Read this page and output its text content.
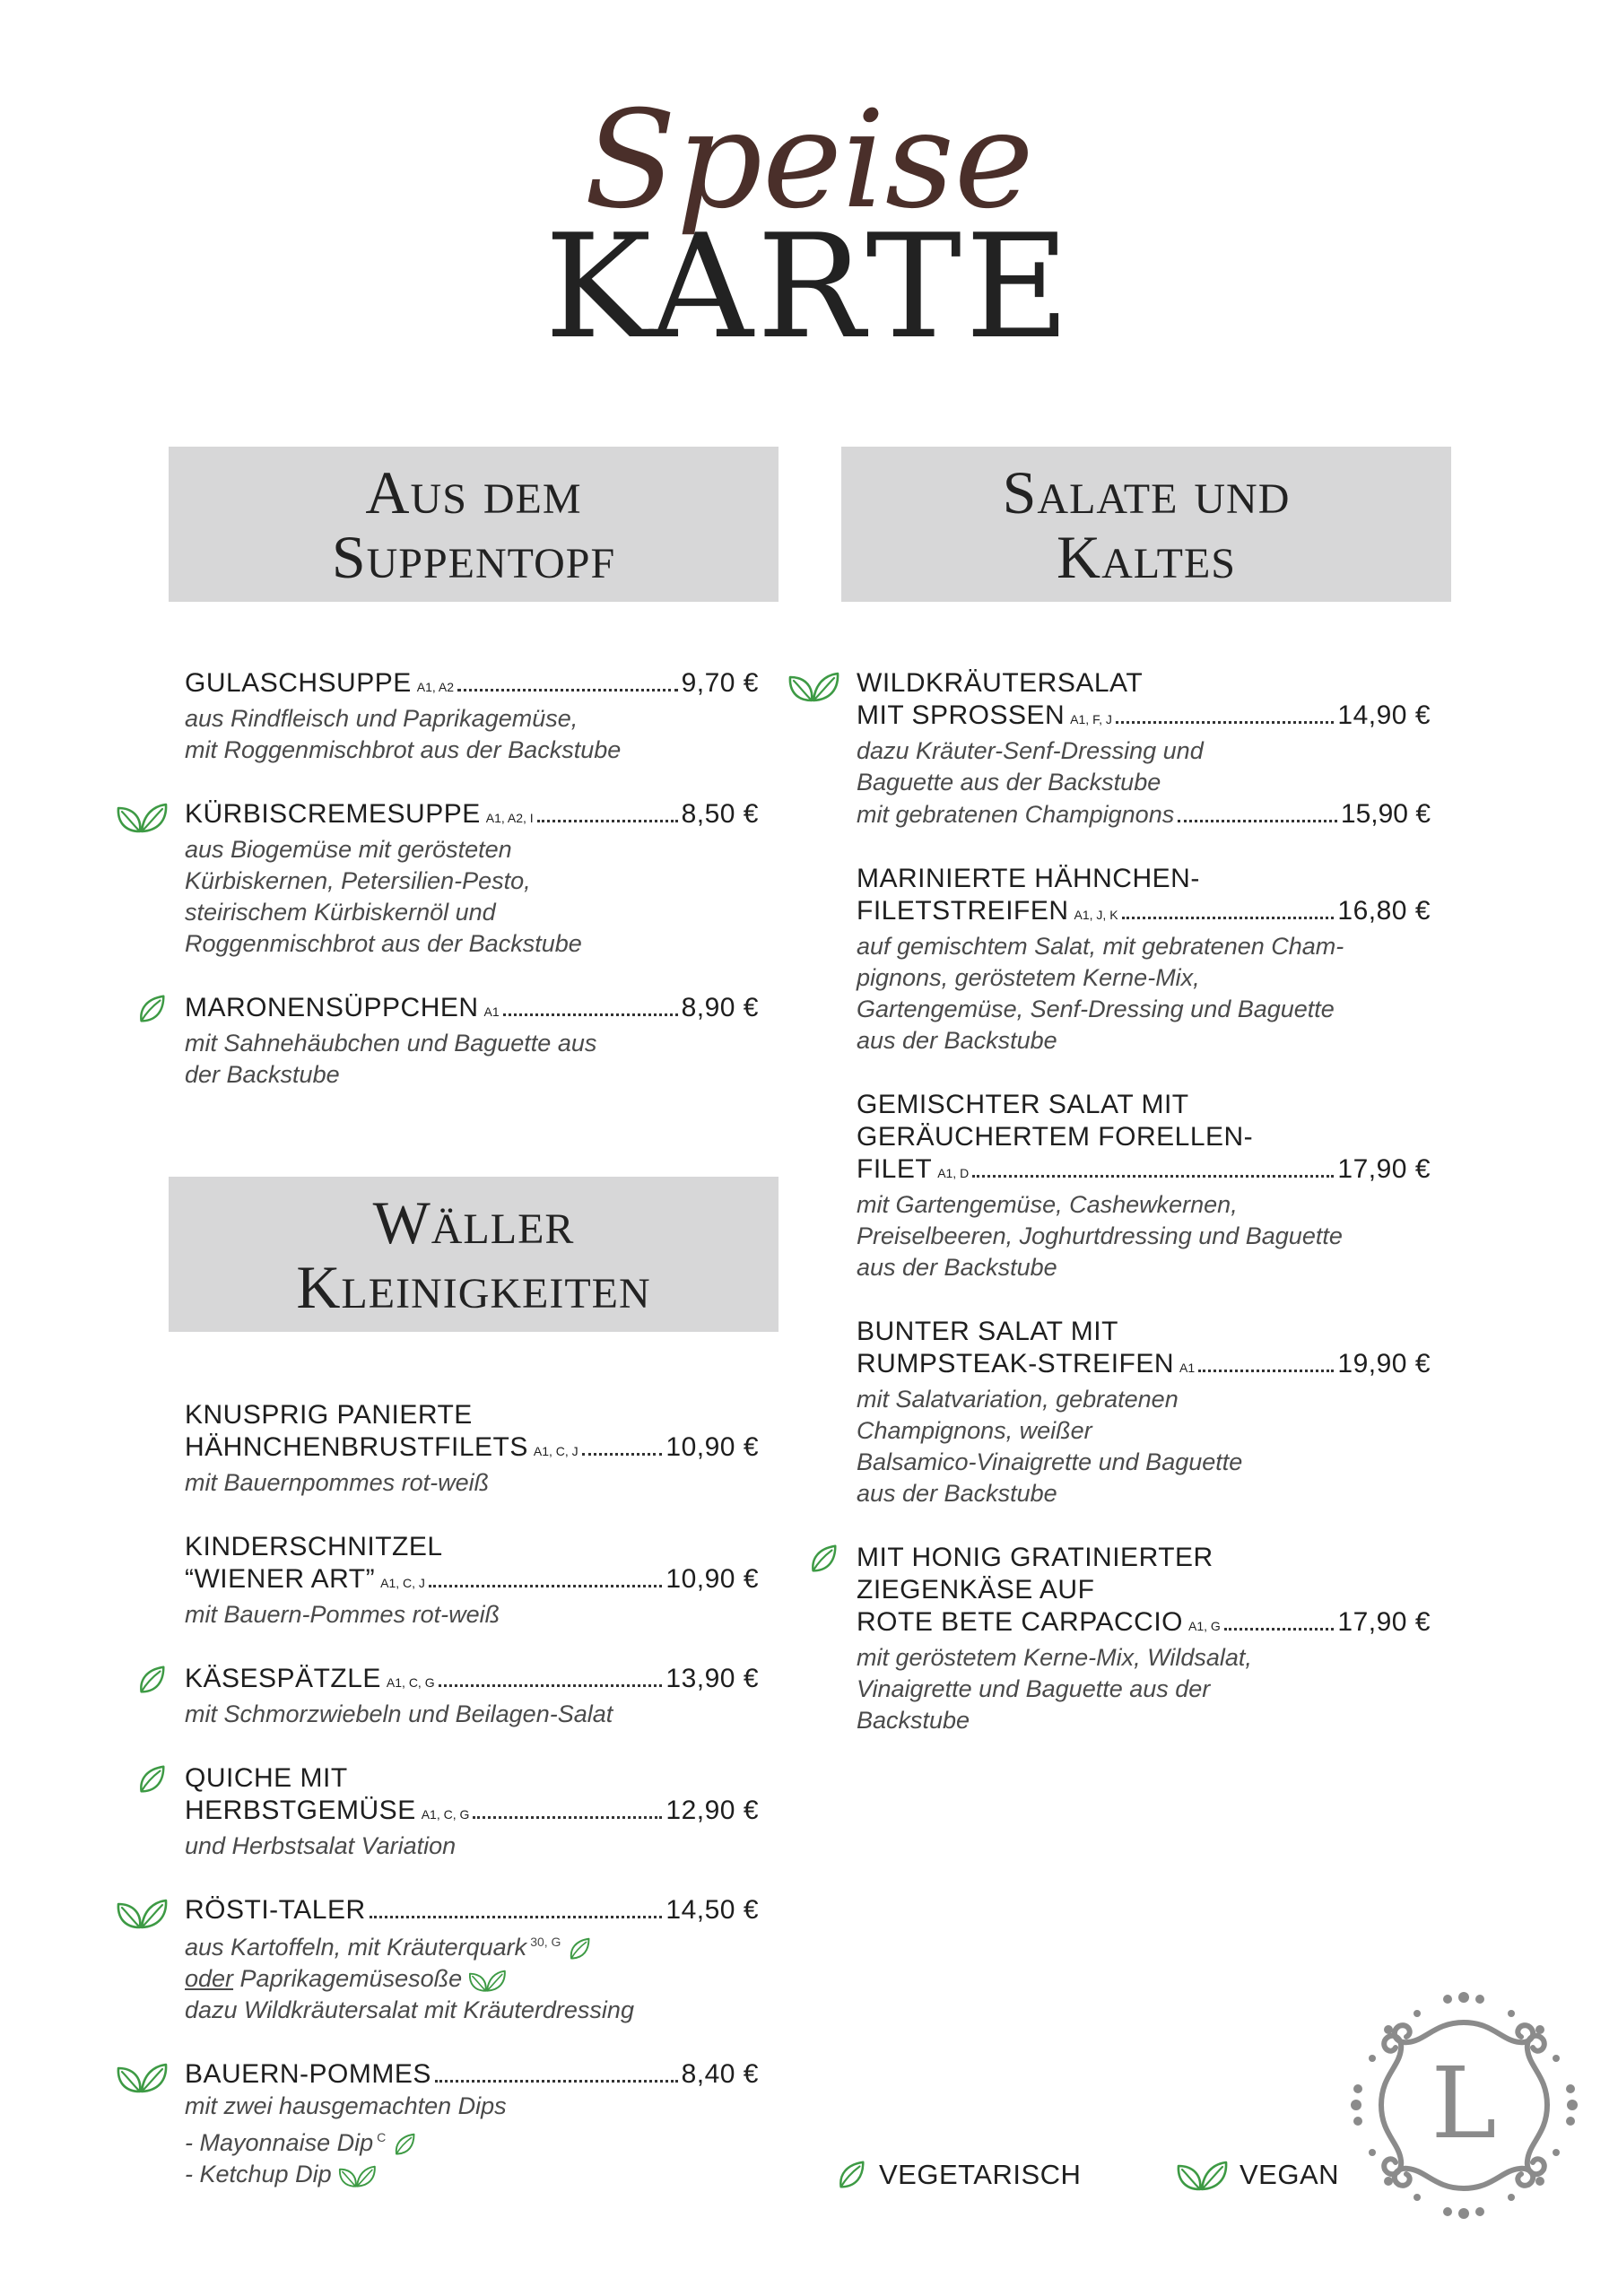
Speise
KARTE
Aus dem
Suppentopf
Salate und
Kaltes
Wäller
Kleinigkeiten
GULASCHSUPPE A1, A2	9,70 €
aus Rindfleisch und Paprikagemüse,
mit Roggenmischbrot aus der Backstube
KÜRBISCREMESUPPE A1, A2, I	8,50 €
aus Biogemüse mit gerösteten
Kürbiskernen, Petersilien-Pesto,
steirischem Kürbiskernöl und
Roggenmischbrot aus der Backstube
MARONENSÜPPCHEN A1	8,90 €
mit Sahnehäubchen und Baguette aus
der Backstube
KNUSPRIG PANIERTE
HÄHNCHENBRUSTFILETS A1, C, J	10,90 €
mit Bauernpommes rot-weiß
KINDERSCHNITZEL
“WIENER ART” A1, C, J	10,90 €
mit Bauern-Pommes rot-weiß
KÄSESPÄTZLE A1, C, G	13,90 €
mit Schmorzwiebeln und Beilagen-Salat
QUICHE MIT
HERBSTGEMÜSE A1, C, G	12,90 €
und Herbstsalat Variation
RÖSTI-TALER	14,50 €
aus Kartoffeln, mit Kräuterquark $^{30, G}$
oder Paprikagemüsesoße
dazu Wildkräutersalat mit Kräuterdressing
BAUERN-POMMES	8,40 €
mit zwei hausgemachten Dips
- Mayonnaise Dip $^C$
- Ketchup Dip
WILDKRÄUTERSALAT
MIT SPROSSEN A1, F, J	14,90 €
dazu Kräuter-Senf-Dressing und
Baguette aus der Backstube
mit gebratenen Champignons	15,90 €
MARINIERTE HÄHNCHEN-
FILETSTREIFEN A1, J, K	16,80 €
auf gemischtem Salat, mit gebratenen Cham-
pignons, geröstetem Kerne-Mix,
Gartengemüse, Senf-Dressing und Baguette
aus der Backstube
GEMISCHTER SALAT MIT
GERÄUCHERTEM FORELLEN-
FILET A1, D	17,90 €
mit Gartengemüse, Cashewkernen,
Preiselbeeren, Joghurtdressing und Baguette
aus der Backstube
BUNTER SALAT MIT
RUMPSTEAK-STREIFEN A1	19,90 €
mit Salatvariation, gebratenen
Champignons, weißer
Balsamico-Vinaigrette und Baguette
aus der Backstube
MIT HONIG GRATINIERTER
ZIEGENKÄSE AUF
ROTE BETE CARPACCIO A1, G	17,90 €
mit geröstetem Kerne-Mix, Wildsalat,
Vinaigrette und Baguette aus der
Backstube
VEGETARISCH	VEGAN
L
